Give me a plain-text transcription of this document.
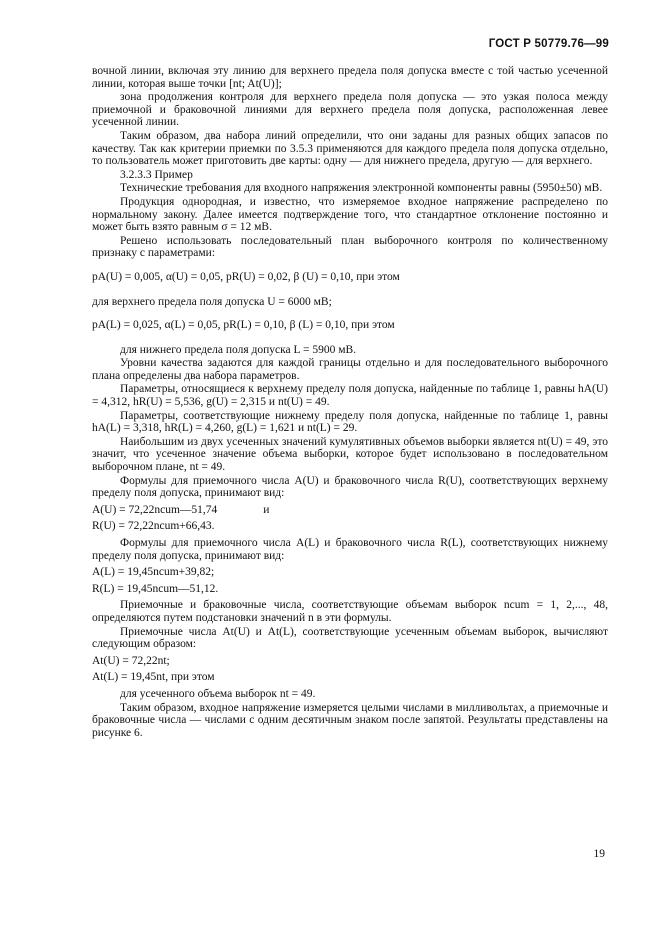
ГОСТ Р 50779.76—99

вочной линии, включая эту линию для верхнего предела поля допуска вместе с той частью усеченной линии, которая выше точки [nt; At(U)];

зона продолжения контроля для верхнего предела поля допуска — это узкая полоса между приемочной и браковочной линиями для верхнего предела поля допуска, расположенная левее усеченной линии.

Таким образом, два набора линий определили, что они заданы для разных общих запасов по качеству. Так как критерии приемки по 3.5.3 применяются для каждого предела поля допуска отдельно, то пользователь может приготовить две карты: одну — для нижнего предела, другую — для верхнего.

3.2.3.3 Пример

Технические требования для входного напряжения электронной компоненты равны (5950±50) мВ.

Продукция однородная, и известно, что измеряемое входное напряжение распределено по нормальному закону. Далее имеется подтверждение того, что стандартное отклонение постоянно и может быть взято равным σ = 12 мВ.

Решено использовать последовательный план выборочного контроля по количественному признаку с параметрами:

pA(U) = 0,005, α(U) = 0,05, pR(U) = 0,02, β (U) = 0,10, при этом

для верхнего предела поля допуска U = 6000 мВ;

pA(L) = 0,025, α(L) = 0,05, pR(L) = 0,10, β (L) = 0,10, при этом

для нижнего предела поля допуска L = 5900 мВ.

Уровни качества задаются для каждой границы отдельно и для последовательного выборочного плана определены два набора параметров.

Параметры, относящиеся к верхнему пределу поля допуска, найденные по таблице 1, равны hA(U) = 4,312, hR(U) = 5,536, g(U) = 2,315 и nt(U) = 49.

Параметры, соответствующие нижнему пределу поля допуска, найденные по таблице 1, равны hA(L) = 3,318, hR(L) = 4,260, g(L) = 1,621 и nt(L) = 29.

Наибольшим из двух усеченных значений кумулятивных объемов выборки является nt(U) = 49, это значит, что усеченное значение объема выборки, которое будет использовано в последовательном выборочном плане, nt = 49.

Формулы для приемочного числа A(U) и браковочного числа R(U), соответствующих верхнему пределу поля допуска, принимают вид:

A(U) = 72,22ncum—51,74                и

R(U) = 72,22ncum+66,43.

Формулы для приемочного числа A(L) и браковочного числа R(L), соответствующих нижнему пределу поля допуска, принимают вид:

A(L) = 19,45ncum+39,82;

R(L) = 19,45ncum—51,12.

Приемочные и браковочные числа, соответствующие объемам выборок ncum = 1, 2,..., 48, определяются путем подстановки значений n в эти формулы.

Приемочные числа At(U) и At(L), соответствующие усеченным объемам выборок, вычисляют следующим образом:

At(U) = 72,22nt;

At(L) = 19,45nt, при этом

для усеченного объема выборок nt = 49.

Таким образом, входное напряжение измеряется целыми числами в милливольтах, а приемочные и браковочные числа — числами с одним десятичным знаком после запятой. Результаты представлены на рисунке 6.

19
